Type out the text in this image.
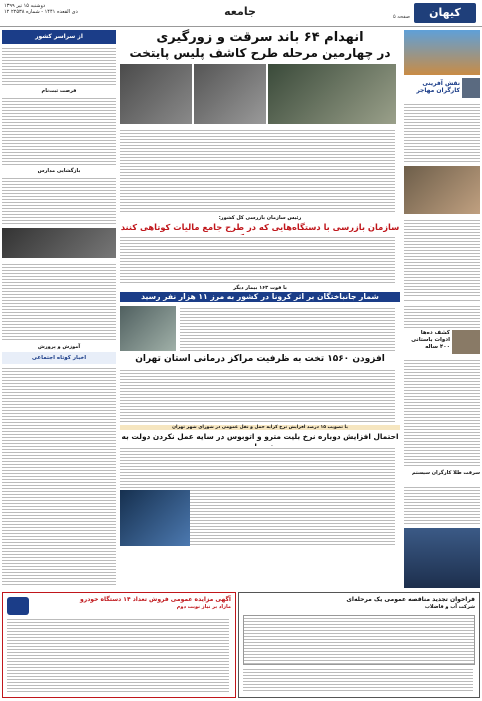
کیهان
صفحه ۵
جامعه
دوشنبه ۱۵ تیر ۱۳۹۹
۱۲ ذی القعده ۱۴۴۱ - شماره ۲۲۵۳۸
نقش آفرینی کارگران مهاجر
کشف ده‌ها ادوات باستانی ۴۰۰ ساله
سرقت طلا کارگران سیستم
انهدام ۶۴ باند سرقت و زورگیری
در چهارمین مرحله طرح کاشف پلیس پایتخت
رئیس سازمان بازرسی کل کشور:
سازمان بازرسی با دستگاه‌هایی که در طرح جامع مالیات کوتاهی کنند
با فوت ۱۶۳ بیمار دیگر
شمار جانباختگان بر اثر کرونا در کشور به مرز ۱۱ هزار نفر رسید
افزودن ۱۵۶۰ تخت به ظرفیت مراکز درمانی استان تهران
با تصویب ۱۵ درصد افزایش نرخ کرایه حمل و نقل عمومی در شورای شهر تهران
احتمال افزایش دوباره نرخ بلیت مترو و اتوبوس در سایه عمل نکردن دولت به
از سراسر کشور
فرصت ثبت‌نام
بازگشایی مدارس
آموزش و پرورش
اخبار کوتاه اجتماعی
آگهی مزایده عمومی فروش تعداد ۱۴ دستگاه خودرو
مازاد بر نیاز نوبت دوم
فراخوان تجدید مناقصه عمومی یک مرحله‌ای
شرکت آب و فاضلاب
